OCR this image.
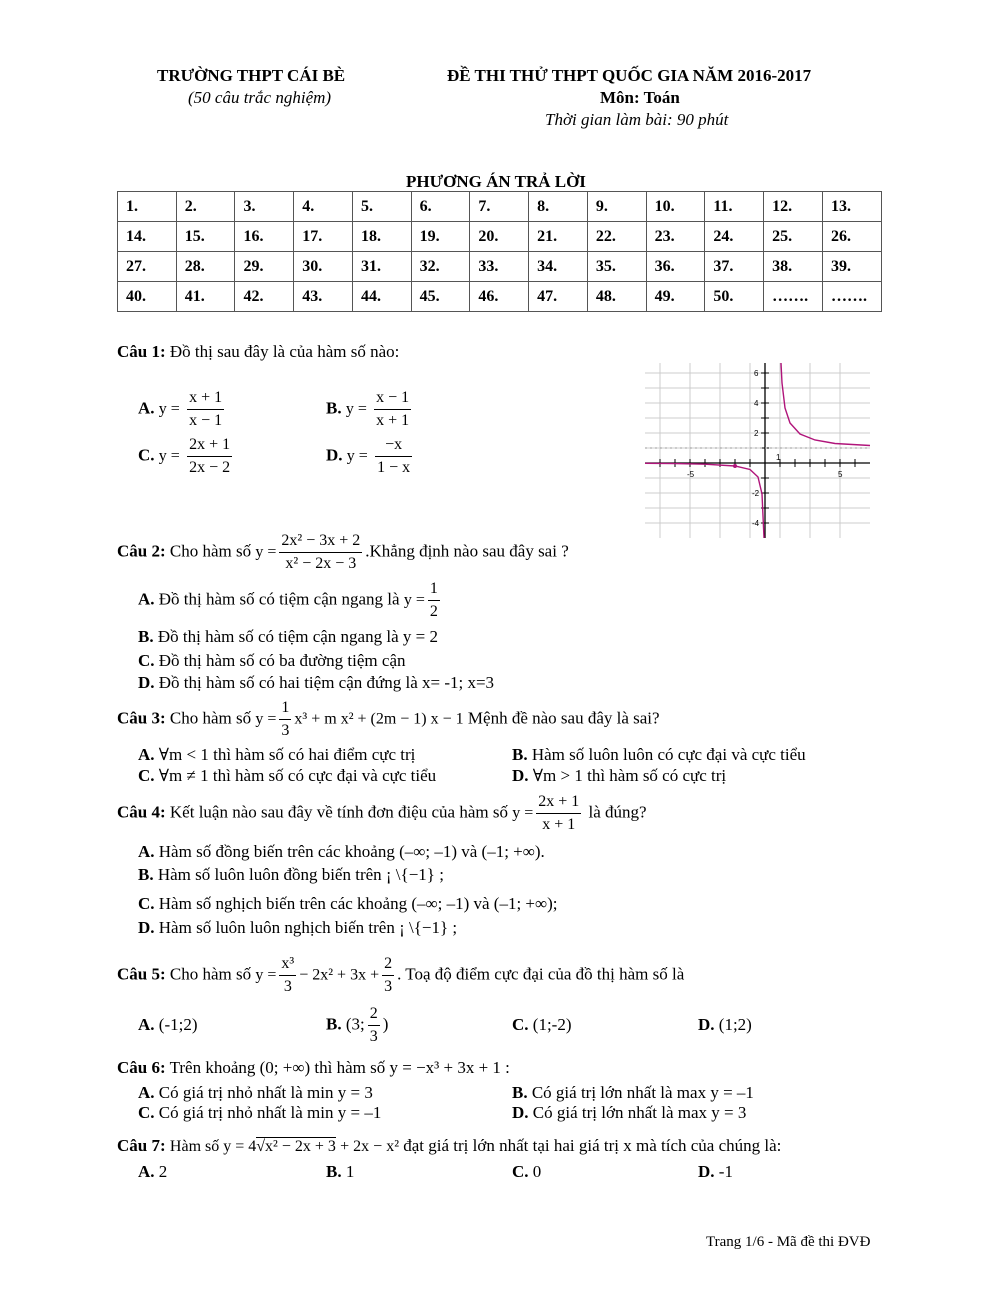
TRƯỜNG THPT CÁI BÈ
(50 câu trắc nghiệm)
ĐỀ THI THỬ THPT QUỐC GIA NĂM 2016-2017
Môn: Toán
Thời gian làm bài: 90 phút
PHƯƠNG ÁN TRẢ LỜI
1.	2.	3.	4.	5.	6.	7.	8.	9.	10.	11.	12.	13.
14.	15.	16.	17.	18.	19.	20.	21.	22.	23.	24.	25.	26.
27.	28.	29.	30.	31.	32.	33.	34.	35.	36.	37.	38.	39.
40.	41.	42.	43.	44.	45.	46.	47.	48.	49.	50.	…….	…….
Câu 1: Đồ thị sau đây là của hàm số nào:
A. $y = \frac{x + 1}{x - 1}$	B. $y = \frac{x - 1}{x + 1}$
C. $y = \frac{2x + 1}{2x - 2}$	D. $y = \frac{-x}{1 - x}$	-5	5
6
4
2
1
-2
-4
Câu 2: Cho hàm số $y = \frac{\text{2x² − 3x + 2}}{\text{x² − 2x − 3}}$ .Khẳng định nào sau đây sai ?
A. Đồ thị hàm số có tiệm cận ngang là $y = \frac{1}{2}$
B. Đồ thị hàm số có tiệm cận ngang là y = 2
C. Đồ thị hàm số có ba đường tiệm cận
D. Đồ thị hàm số có hai tiệm cận đứng là x= -1; x=3
Câu 3: Cho hàm số $y = \frac{1}{3} x^3 + m$ x² + (2m − 1) x − 1 Mệnh đề nào sau đây là sai?
A. ∀m < 1 thì hàm số có hai điểm cực trị	B. Hàm số luôn luôn có cực đại và cực tiểu
C. ∀m ≠ 1 thì hàm số có cực đại và cực tiểu	D. ∀m > 1 thì hàm số có cực trị
Câu 4: Kết luận nào sau đây về tính đơn điệu của hàm số $y = \frac{2x + 1}{x + 1}$ là đúng?
A. Hàm số đồng biến trên các khoảng (–∞; –1) và (–1; +∞).
B. Hàm số luôn luôn đồng biến trên ¡ \{−1} ;
C. Hàm số nghịch biến trên các khoảng (–∞; –1) và (–1; +∞);
D. Hàm số luôn luôn nghịch biến trên ¡ \{−1} ;
Câu 5: Cho hàm số $y = \frac{\text{x³}}{3} - 2x^2 + 3x + \frac{2}{3}$ . Toạ độ điểm cực đại của đồ thị hàm số là
A. (-1;2)	B. (3; $\frac{2}{3}$ )	C. (1;-2)	D. (1;2)
Câu 6: Trên khoảng (0; +∞) thì hàm số y = −x³ + 3x + 1 :
A. Có giá trị nhỏ nhất là min y = 3	B. Có giá trị lớn nhất là max y = –1
C. Có giá trị nhỏ nhất là min y = –1	D. Có giá trị lớn nhất là max y = 3
Câu 7: Hàm số y = 4√x² − 2x + 3 + 2x − x² đạt giá trị lớn nhất tại hai giá trị x mà tích của chúng là:
A. 2	B. 1	C. 0	D. -1
Trang 1/6 - Mã đề thi ĐVĐ
